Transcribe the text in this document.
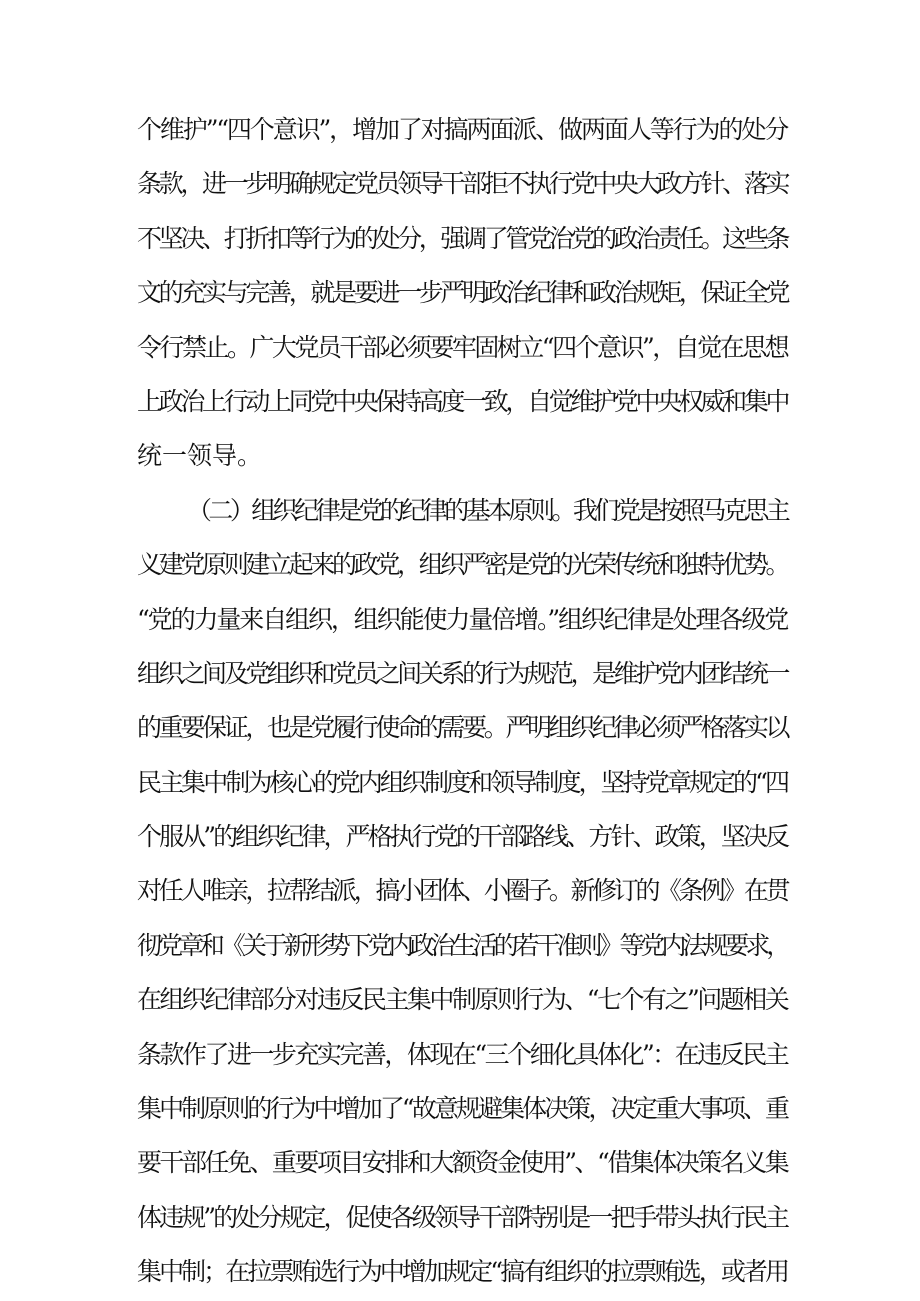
个维护”“四个意识”，增加了对搞两面派、做两面人等行为的处分
条款，进一步明确规定党员领导干部拒不执行党中央大政方针、落实
不坚决、打折扣等行为的处分，强调了管党治党的政治责任。这些条
文的充实与完善，就是要进一步严明政治纪律和政治规矩，保证全党
令行禁止。广大党员干部必须要牢固树立“四个意识”，自觉在思想
上政治上行动上同党中央保持高度一致，自觉维护党中央权威和集中
统一领导。
（二）组织纪律是党的纪律的基本原则。我们党是按照马克思主
义建党原则建立起来的政党，组织严密是党的光荣传统和独特优势。
“党的力量来自组织，组织能使力量倍增。”组织纪律是处理各级党
组织之间及党组织和党员之间关系的行为规范，是维护党内团结统一
的重要保证，也是党履行使命的需要。严明组织纪律必须严格落实以
民主集中制为核心的党内组织制度和领导制度，坚持党章规定的“四
个服从”的组织纪律，严格执行党的干部路线、方针、政策，坚决反
对任人唯亲，拉帮结派，搞小团体、小圈子。新修订的《条例》在贯
彻党章和《关于新形势下党内政治生活的若干准则》等党内法规要求，
在组织纪律部分对违反民主集中制原则行为、“七个有之”问题相关
条款作了进一步充实完善，体现在“三个细化具体化”：在违反民主
集中制原则的行为中增加了“故意规避集体决策，决定重大事项、重
要干部任免、重要项目安排和大额资金使用”、“借集体决策名义集
体违规”的处分规定，促使各级领导干部特别是一把手带头执行民主
集中制；在拉票贿选行为中增加规定“搞有组织的拉票贿选，或者用
